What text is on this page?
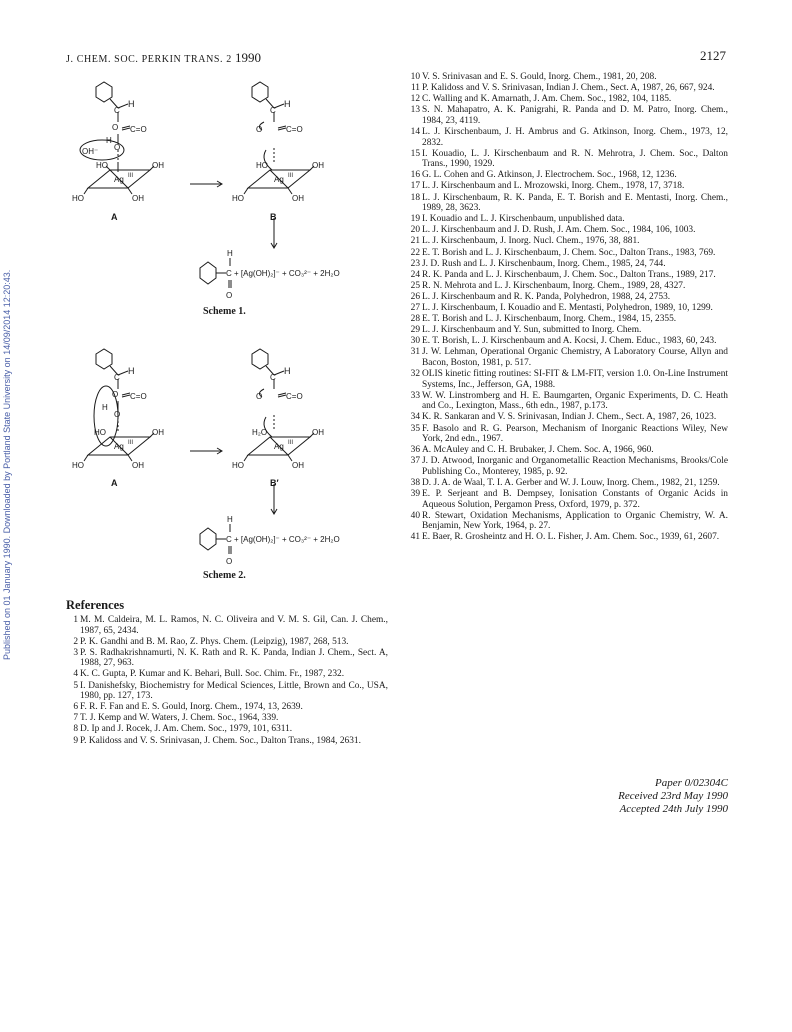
Published on 01 January 1990. Downloaded by Portland State University on 14/09/2014 12:20:43.
J. CHEM. SOC. PERKIN TRANS. 2 1990	2127
H
C
O C=O
O
H
OH⁻
HO	OH
Ag III
HO	OH
A
H
C
O	C=O
HO	OH
Ag III
HO	OH
B
H
C
O
+ [Ag(OH)₂]⁻ + CO₃²⁻ + 2H₂O
Scheme 1.
H
C
O C=O
O
H
HO	OH
Ag III
HO	OH
A
H
C
O	C=O
H₂O	OH
Ag III
HO	OH
B′
H
C
O
+ [Ag(OH)₂]⁻ + CO₃²⁻ + 2H₂O
Scheme 2.
References
1 M. M. Caldeira, M. L. Ramos, N. C. Oliveira and V. M. S. Gil, Can. J. Chem., 1987, 65, 2434.
2 P. K. Gandhi and B. M. Rao, Z. Phys. Chem. (Leipzig), 1987, 268, 513.
3 P. S. Radhakrishnamurti, N. K. Rath and R. K. Panda, Indian J. Chem., Sect. A, 1988, 27, 963.
4 K. C. Gupta, P. Kumar and K. Behari, Bull. Soc. Chim. Fr., 1987, 232.
5 I. Danishefsky, Biochemistry for Medical Sciences, Little, Brown and Co., USA, 1980, pp. 127, 173.
6 F. R. F. Fan and E. S. Gould, Inorg. Chem., 1974, 13, 2639.
7 T. J. Kemp and W. Waters, J. Chem. Soc., 1964, 339.
8 D. Ip and J. Rocek, J. Am. Chem. Soc., 1979, 101, 6311.
9 P. Kalidoss and V. S. Srinivasan, J. Chem. Soc., Dalton Trans., 1984, 2631.
10 V. S. Srinivasan and E. S. Gould, Inorg. Chem., 1981, 20, 208.
11 P. Kalidoss and V. S. Srinivasan, Indian J. Chem., Sect. A, 1987, 26, 667, 924.
12 C. Walling and K. Amarnath, J. Am. Chem. Soc., 1982, 104, 1185.
13 S. N. Mahapatro, A. K. Panigrahi, R. Panda and D. M. Patro, Inorg. Chem., 1984, 23, 4119.
14 L. J. Kirschenbaum, J. H. Ambrus and G. Atkinson, Inorg. Chem., 1973, 12, 2832.
15 I. Kouadio, L. J. Kirschenbaum and R. N. Mehrotra, J. Chem. Soc., Dalton Trans., 1990, 1929.
16 G. L. Cohen and G. Atkinson, J. Electrochem. Soc., 1968, 12, 1236.
17 L. J. Kirschenbaum and L. Mrozowski, Inorg. Chem., 1978, 17, 3718.
18 L. J. Kirschenbaum, R. K. Panda, E. T. Borish and E. Mentasti, Inorg. Chem., 1989, 28, 3623.
19 I. Kouadio and L. J. Kirschenbaum, unpublished data.
20 L. J. Kirschenbaum and J. D. Rush, J. Am. Chem. Soc., 1984, 106, 1003.
21 L. J. Kirschenbaum, J. Inorg. Nucl. Chem., 1976, 38, 881.
22 E. T. Borish and L. J. Kirschenbaum, J. Chem. Soc., Dalton Trans., 1983, 769.
23 J. D. Rush and L. J. Kirschenbaum, Inorg. Chem., 1985, 24, 744.
24 R. K. Panda and L. J. Kirschenbaum, J. Chem. Soc., Dalton Trans., 1989, 217.
25 R. N. Mehrota and L. J. Kirschenbaum, Inorg. Chem., 1989, 28, 4327.
26 L. J. Kirschenbaum and R. K. Panda, Polyhedron, 1988, 24, 2753.
27 L. J. Kirschenbaum, I. Kouadio and E. Mentasti, Polyhedron, 1989, 10, 1299.
28 E. T. Borish and L. J. Kirschenbaum, Inorg. Chem., 1984, 15, 2355.
29 L. J. Kirschenbaum and Y. Sun, submitted to Inorg. Chem.
30 E. T. Borish, L. J. Kirschenbaum and A. Kocsi, J. Chem. Educ., 1983, 60, 243.
31 J. W. Lehman, Operational Organic Chemistry, A Laboratory Course, Allyn and Bacon, Boston, 1981, p. 517.
32 OLIS kinetic fitting routines: SI-FIT & LM-FIT, version 1.0. On-Line Instrument Systems, Inc., Jefferson, GA, 1988.
33 W. W. Linstromberg and H. E. Baumgarten, Organic Experiments, D. C. Heath and Co., Lexington, Mass., 6th edn., 1987, p.173.
34 K. R. Sankaran and V. S. Srinivasan, Indian J. Chem., Sect. A, 1987, 26, 1023.
35 F. Basolo and R. G. Pearson, Mechanism of Inorganic Reactions Wiley, New York, 2nd edn., 1967.
36 A. McAuley and C. H. Brubaker, J. Chem. Soc. A, 1966, 960.
37 J. D. Atwood, Inorganic and Organometallic Reaction Mechanisms, Brooks/Cole Publishing Co., Monterey, 1985, p. 92.
38 D. J. A. de Waal, T. I. A. Gerber and W. J. Louw, Inorg. Chem., 1982, 21, 1259.
39 E. P. Serjeant and B. Dempsey, Ionisation Constants of Organic Acids in Aqueous Solution, Pergamon Press, Oxford, 1979, p. 372.
40 R. Stewart, Oxidation Mechanisms, Application to Organic Chemistry, W. A. Benjamin, New York, 1964, p. 27.
41 E. Baer, R. Grosheintz and H. O. L. Fisher, J. Am. Chem. Soc., 1939, 61, 2607.
Paper 0/02304C
Received 23rd May 1990
Accepted 24th July 1990
